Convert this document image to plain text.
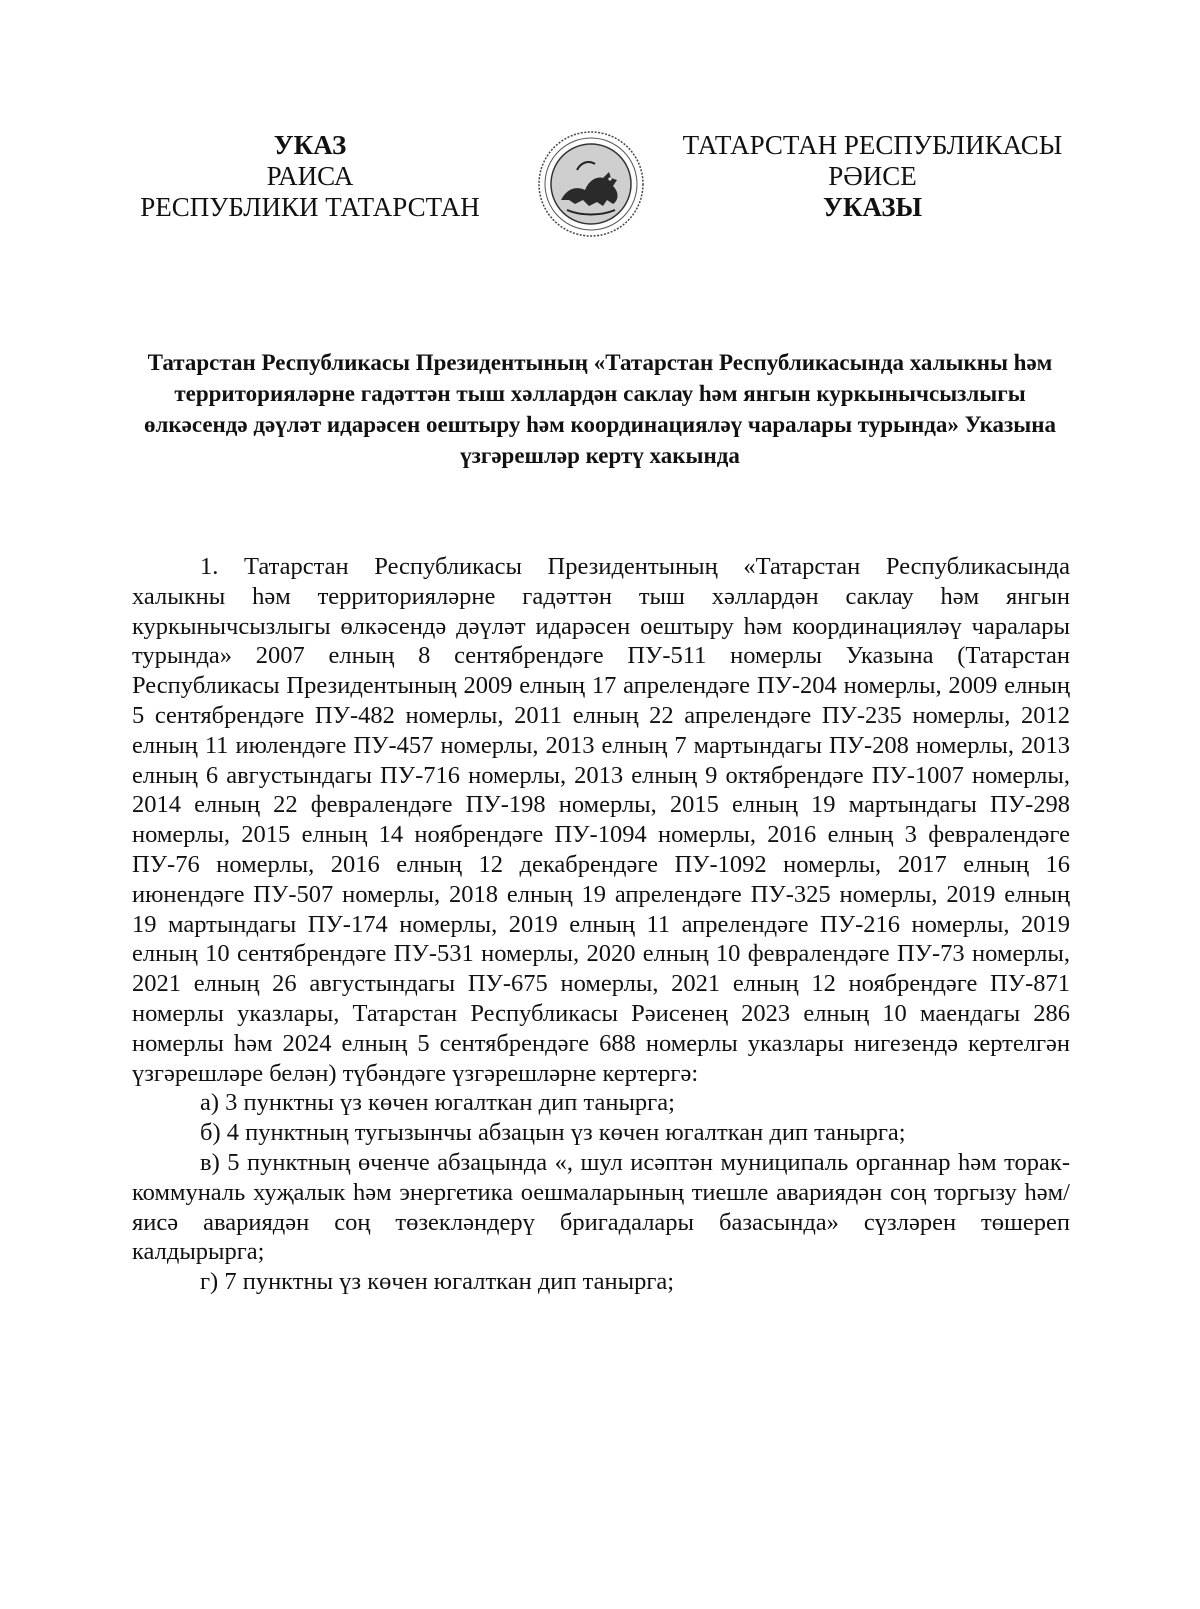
УКАЗ
РАИСА
РЕСПУБЛИКИ ТАТАРСТАН
ТАТАРСТАН РЕСПУБЛИКАСЫ
РӘИСЕ
УКАЗЫ
Татарстан Республикасы Президентының «Татарстан Республикасында халыкны һәм территорияләрне гадәттән тыш хәллардән саклау һәм янгын куркынычсызлыгы өлкәсендә дәүләт идарәсен оештыру һәм координацияләү чаралары турында» Указына үзгәрешләр кертү хакында

1. Татарстан Республикасы Президентының «Татарстан Республикасында халыкны һәм территорияләрне гадәттән тыш хәллардән саклау һәм янгын куркынычсызлыгы өлкәсендә дәүләт идарәсен оештыру һәм координацияләү чаралары турында» 2007 елның 8 сентябрендәге ПУ-511 номерлы Указына (Татарстан Республикасы Президентының 2009 елның 17 апрелендәге ПУ-204 номерлы, 2009 елның 5 сентябрендәге ПУ-482 номерлы, 2011 елның 22 апрелендәге ПУ-235 номерлы, 2012 елның 11 июлендәге ПУ-457 номерлы, 2013 елның 7 мартындагы ПУ-208 номерлы, 2013 елның 6 августындагы ПУ-716 номерлы, 2013 елның 9 октябрендәге ПУ-1007 номерлы, 2014 елның 22 февралендәге ПУ-198 номерлы, 2015 елның 19 мартындагы ПУ-298 номерлы, 2015 елның 14 ноябрендәге ПУ-1094 номерлы, 2016 елның 3 февралендәге ПУ-76 номерлы, 2016 елның 12 декабрендәге ПУ-1092 номерлы, 2017 елның 16 июнендәге ПУ-507 номерлы, 2018 елның 19 апрелендәге ПУ-325 номерлы, 2019 елның 19 мартындагы ПУ-174 номерлы, 2019 елның 11 апрелендәге ПУ-216 номерлы, 2019 елның 10 сентябрендәге ПУ-531 номерлы, 2020 елның 10 февралендәге ПУ-73 номерлы, 2021 елның 26 августындагы ПУ-675 номерлы, 2021 елның 12 ноябрендәге ПУ-871 номерлы указлары, Татарстан Республикасы Рәисенең 2023 елның 10 маендагы 286 номерлы һәм 2024 елның 5 сентябрендәге 688 номерлы указлары нигезендә кертелгән үзгәрешләре белән) түбәндәге үзгәрешләрне кертергә:

а) 3 пунктны үз көчен югалткан дип танырга;

б) 4 пунктның тугызынчы абзацын үз көчен югалткан дип танырга;

в) 5 пунктның өченче абзацында «, шул исәптән муниципаль органнар һәм торак-коммуналь хуҗалык һәм энергетика оешмаларының тиешле авариядән соң торгызу һәм/яисә авариядән соң төзекләндерү бригадалары базасында» сүзләрен төшереп калдырырга;

г) 7 пунктны үз көчен югалткан дип танырга;
